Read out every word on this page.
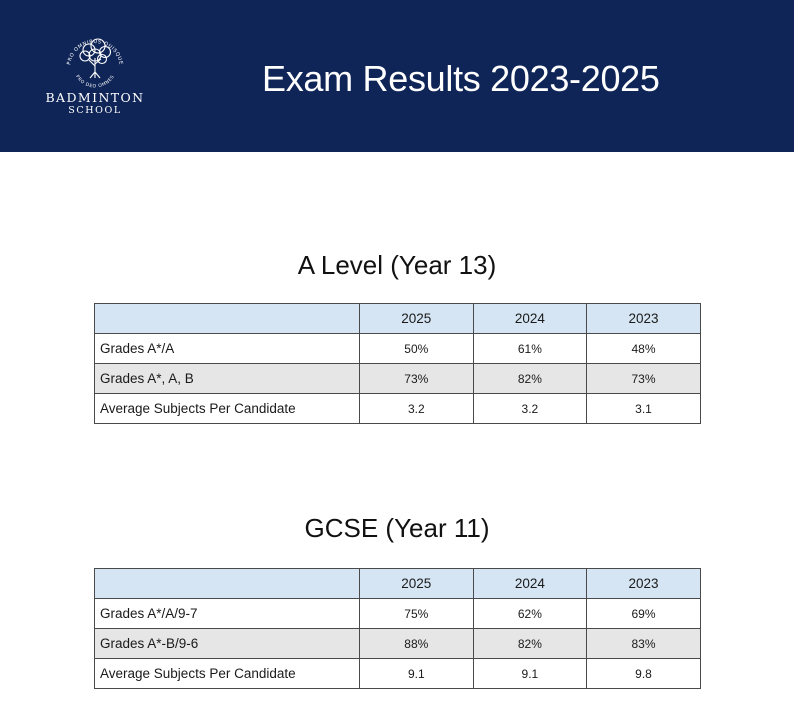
PRO OMNIBUS QUISQUE
PRO DEO OMNES
BADMINTON
SCHOOL
Exam Results 2023-2025
A Level (Year 13)
	2025	2024	2023
Grades A*/A	50%	61%	48%
Grades A*, A, B	73%	82%	73%
Average Subjects Per Candidate	3.2	3.2	3.1
GCSE (Year 11)
	2025	2024	2023
Grades A*/A/9-7	75%	62%	69%
Grades A*-B/9-6	88%	82%	83%
Average Subjects Per Candidate	9.1	9.1	9.8
